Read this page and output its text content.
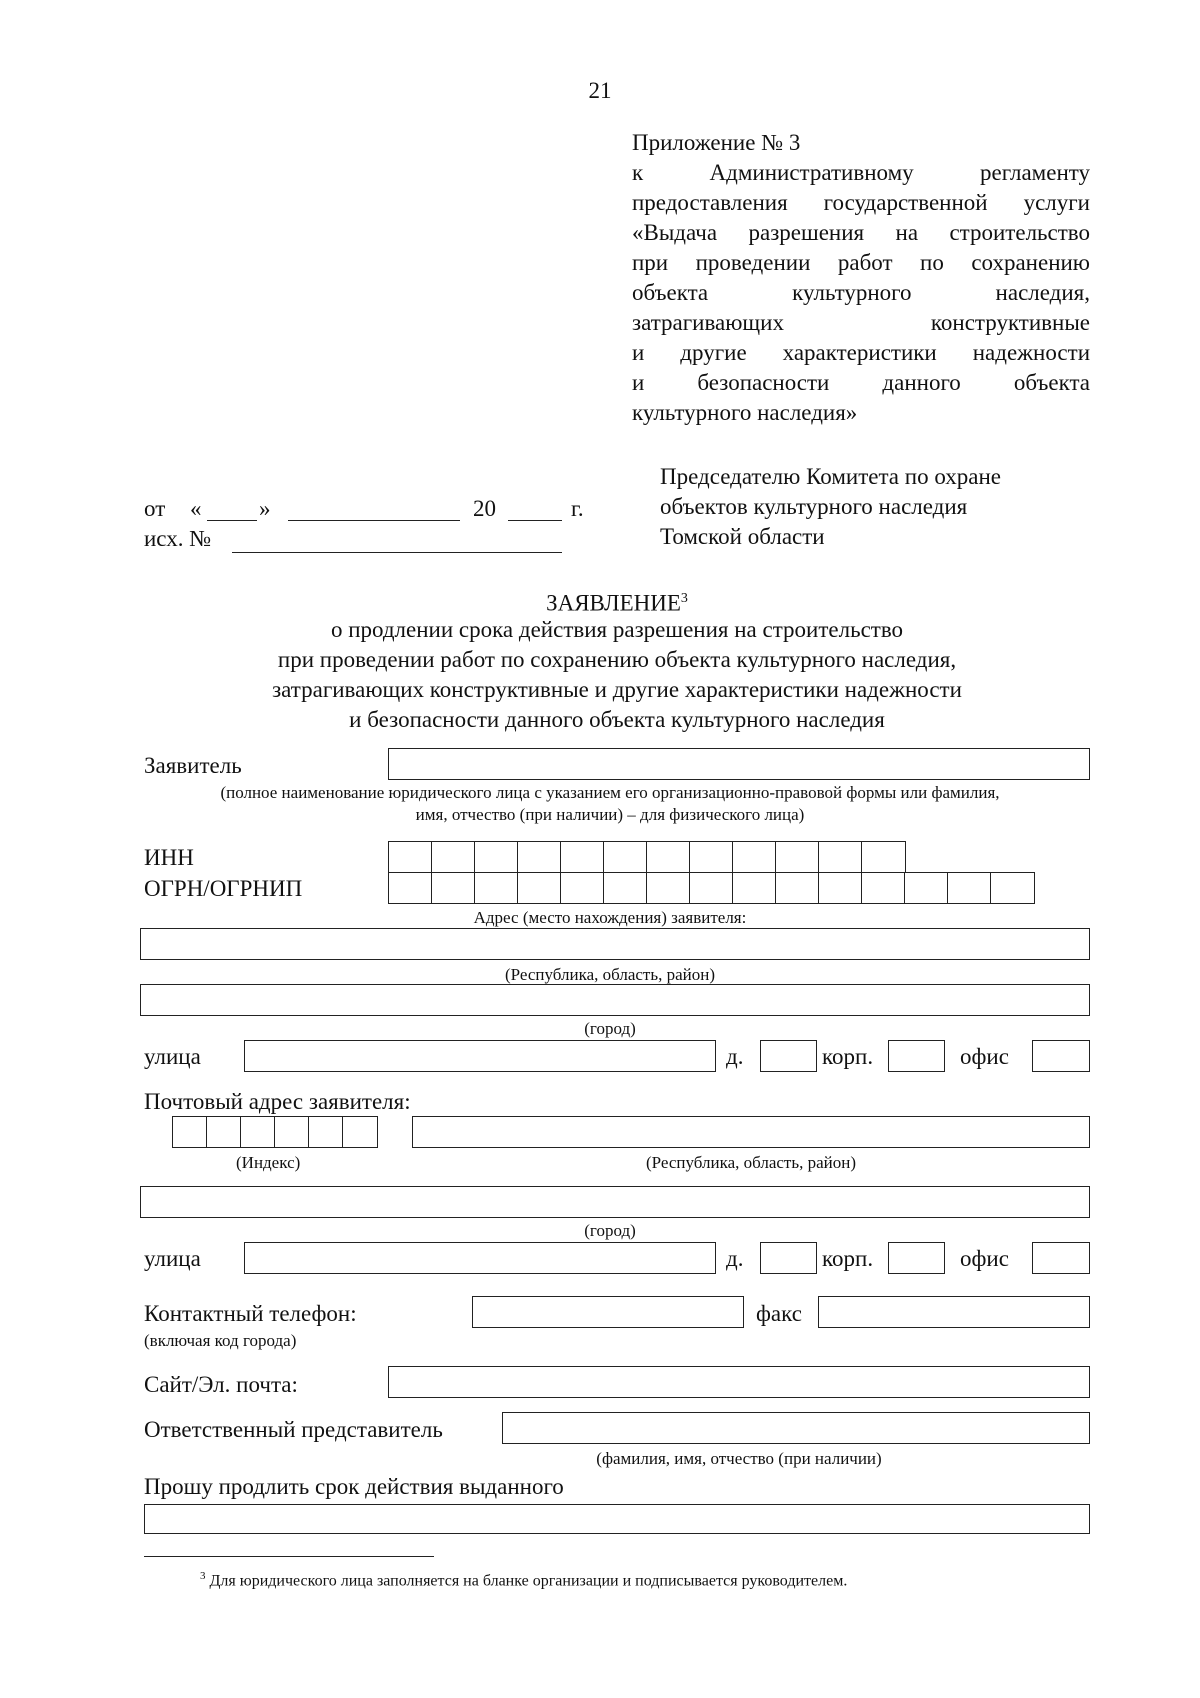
21
Приложение № 3
к Административному регламенту
предоставления государственной услуги
«Выдача разрешения на строительство
при проведении работ по сохранению
объекта культурного наследия,
затрагивающих конструктивные
и другие характеристики надежности
и безопасности данного объекта
культурного наследия»
Председателю Комитета по охране
объектов культурного наследия
Томской области
от «	»	20	г.
исх. №
ЗАЯВЛЕНИЕ$^3$
о продлении срока действия разрешения на строительство
при проведении работ по сохранению объекта культурного наследия,
затрагивающих конструктивные и другие характеристики надежности
и безопасности данного объекта культурного наследия
Заявитель
(полное наименование юридического лица с указанием его организационно-правовой формы или фамилия,
имя, отчество (при наличии) – для физического лица)
ИНН
ОГРН/ОГРНИП
Адрес (место нахождения) заявителя:
(Республика, область, район)
(город)
улица	д.	корп.	офис
Почтовый адрес заявителя:
(Индекс)	(Республика, область, район)
(город)
улица	д.	корп.	офис
Контактный телефон:
(включая код города)
факс
Сайт/Эл. почта:
Ответственный представитель
(фамилия, имя, отчество (при наличии)
Прошу продлить срок действия выданного
$^3$ Для юридического лица заполняется на бланке организации и подписывается руководителем.
